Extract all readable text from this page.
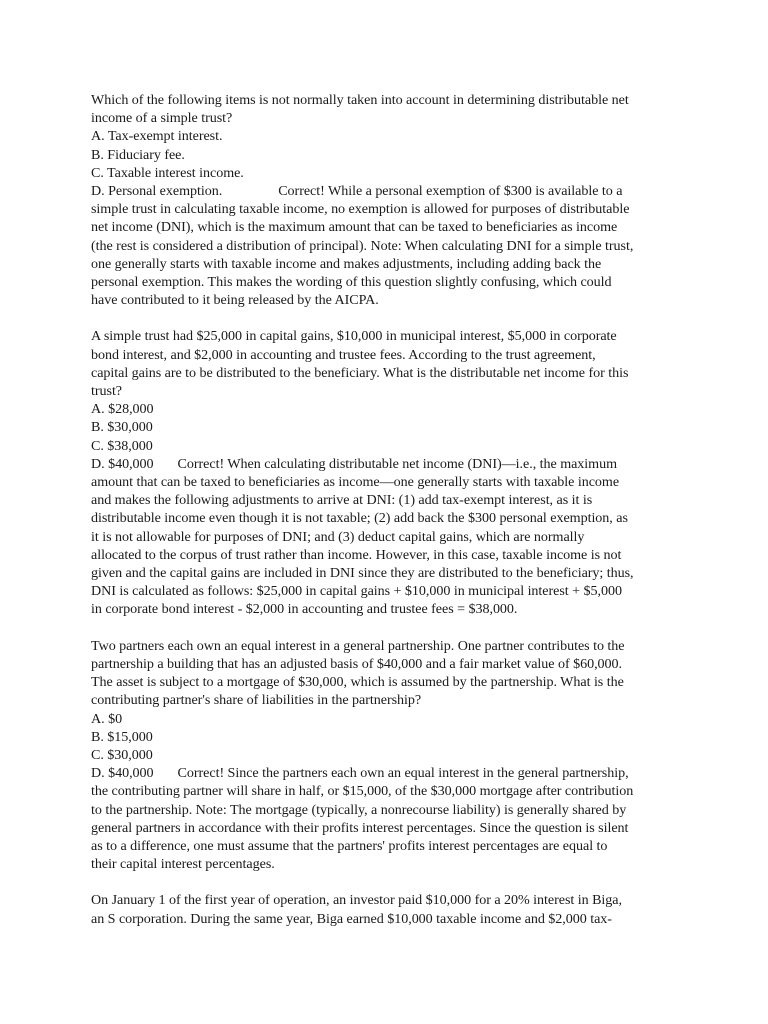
Which of the following items is not normally taken into account in determining distributable net
income of a simple trust?
A. Tax-exempt interest.
B. Fiduciary fee.
C. Taxable interest income.
D. Personal exemption.	Correct! While a personal exemption of $300 is available to a
simple trust in calculating taxable income, no exemption is allowed for purposes of distributable
net income (DNI), which is the maximum amount that can be taxed to beneficiaries as income
(the rest is considered a distribution of principal). Note: When calculating DNI for a simple trust,
one generally starts with taxable income and makes adjustments, including adding back the
personal exemption. This makes the wording of this question slightly confusing, which could
have contributed to it being released by the AICPA.
A simple trust had $25,000 in capital gains, $10,000 in municipal interest, $5,000 in corporate
bond interest, and $2,000 in accounting and trustee fees. According to the trust agreement,
capital gains are to be distributed to the beneficiary. What is the distributable net income for this
trust?
A. $28,000
B. $30,000
C. $38,000
D. $40,000 Correct! When calculating distributable net income (DNI)—i.e., the maximum
amount that can be taxed to beneficiaries as income—one generally starts with taxable income
and makes the following adjustments to arrive at DNI: (1) add tax-exempt interest, as it is
distributable income even though it is not taxable; (2) add back the $300 personal exemption, as
it is not allowable for purposes of DNI; and (3) deduct capital gains, which are normally
allocated to the corpus of trust rather than income. However, in this case, taxable income is not
given and the capital gains are included in DNI since they are distributed to the beneficiary; thus,
DNI is calculated as follows: $25,000 in capital gains + $10,000 in municipal interest + $5,000
in corporate bond interest - $2,000 in accounting and trustee fees = $38,000.
Two partners each own an equal interest in a general partnership. One partner contributes to the
partnership a building that has an adjusted basis of $40,000 and a fair market value of $60,000.
The asset is subject to a mortgage of $30,000, which is assumed by the partnership. What is the
contributing partner's share of liabilities in the partnership?
A. $0
B. $15,000
C. $30,000
D. $40,000 Correct! Since the partners each own an equal interest in the general partnership,
the contributing partner will share in half, or $15,000, of the $30,000 mortgage after contribution
to the partnership. Note: The mortgage (typically, a nonrecourse liability) is generally shared by
general partners in accordance with their profits interest percentages. Since the question is silent
as to a difference, one must assume that the partners' profits interest percentages are equal to
their capital interest percentages.
On January 1 of the first year of operation, an investor paid $10,000 for a 20% interest in Biga,
an S corporation. During the same year, Biga earned $10,000 taxable income and $2,000 tax-
